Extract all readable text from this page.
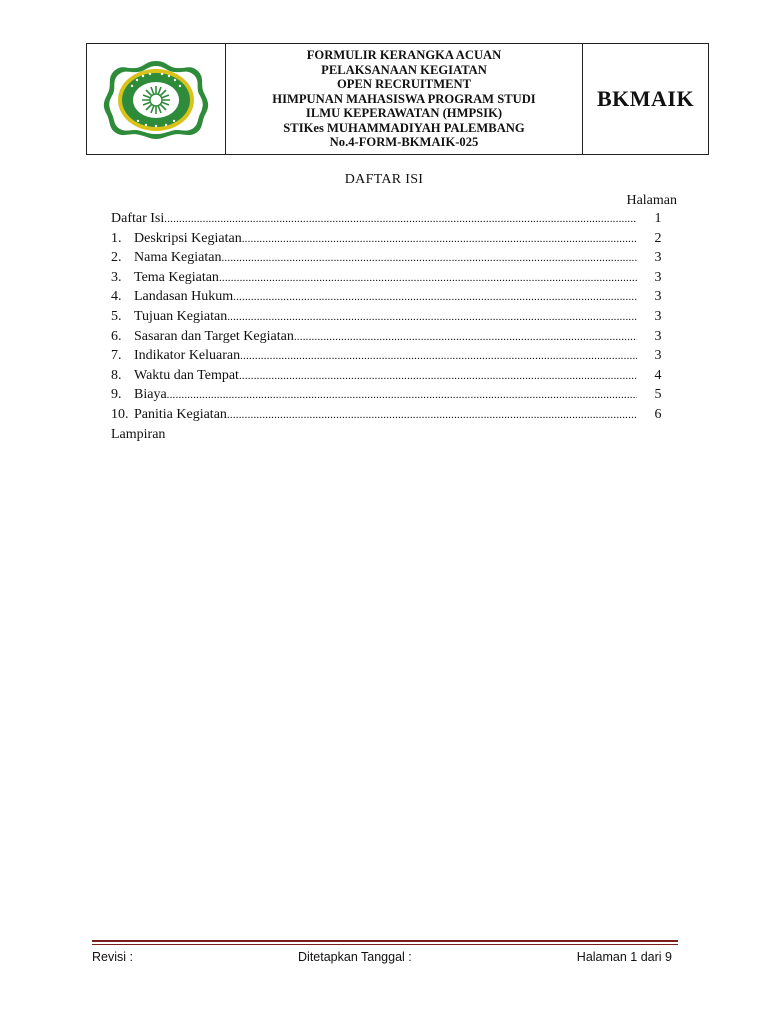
FORMULIR KERANGKA ACUAN
PELAKSANAAN KEGIATAN
OPEN RECRUITMENT
HIMPUNAN MAHASISWA PROGRAM STUDI
ILMU KEPERAWATAN (HMPSIK)
STIKes MUHAMMADIYAH PALEMBANG
No.4-FORM-BKMAIK-025
BKMAIK
DAFTAR ISI
Halaman
Daftar Isi .....	1
1. Deskripsi Kegiatan .....	2
2. Nama Kegiatan .....	3
3. Tema Kegiatan .....	3
4. Landasan Hukum .....	3
5. Tujuan Kegiatan .....	3
6. Sasaran dan Target Kegiatan .....	3
7. Indikator Keluaran .....	3
8. Waktu dan Tempat .....	4
9. Biaya .....	5
10. Panitia Kegiatan .....	6
Lampiran
Revisi :	Ditetapkan Tanggal :	Halaman 1 dari 9
